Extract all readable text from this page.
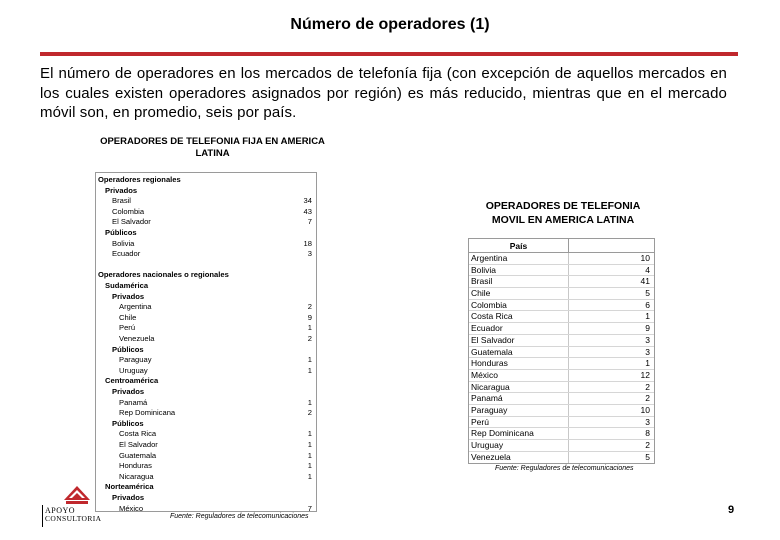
Número de operadores (1)

El número de operadores en los mercados de telefonía fija (con excepción de aquellos mercados en los cuales existen operadores asignados por región) es más reducido, mientras que en el mercado móvil son, en promedio, seis por país.

OPERADORES DE TELEFONIA FIJA EN AMERICA LATINA
Operadores regionales
Privados
Brasil	34
Colombia	43
El Salvador	7
Públicos
Bolivia	18
Ecuador	3
Operadores nacionales o regionales
Sudamérica
Privados
Argentina	2
Chile	9
Perú	1
Venezuela	2
Públicos
Paraguay	1
Uruguay	1
Centroamérica
Privados
Panamá	1
Rep Dominicana	2
Públicos
Costa Rica	1
El Salvador	1
Guatemala	1
Honduras	1
Nicaragua	1
Norteamérica
Privados
México	7
Fuente: Reguladores de telecomunicaciones
OPERADORES DE TELEFONIA MOVIL EN AMERICA LATINA
País
Argentina	10
Bolivia	4
Brasil	41
Chile	5
Colombia	6
Costa Rica	1
Ecuador	9
El Salvador	3
Guatemala	3
Honduras	1
México	12
Nicaragua	2
Panamá	2
Paraguay	10
Perú	3
Rep Dominicana	8
Uruguay	2
Venezuela	5
Fuente: Reguladores de telecomunicaciones
APOYO
CONSULTORIA
9
